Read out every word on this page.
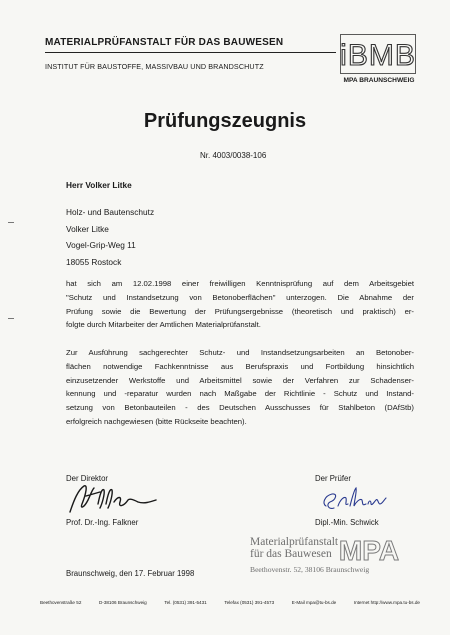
MATERIALPRÜFANSTALT FÜR DAS BAUWESEN
INSTITUT FÜR BAUSTOFFE, MASSIVBAU UND BRANDSCHUTZ	iBMB
MPA BRAUNSCHWEIG
Prüfungszeugnis
Nr. 4003/0038-106
Herr Volker Litke
Holz- und Bautenschutz
Volker Litke
Vogel-Grip-Weg 11
18055 Rostock
hat sich am 12.02.1998 einer freiwilligen Kenntnisprüfung auf dem Arbeitsgebiet
"Schutz und Instandsetzung von Betonoberflächen" unterzogen. Die Abnahme der
Prüfung sowie die Bewertung der Prüfungsergebnisse (theoretisch und praktisch) er-
folgte durch Mitarbeiter der Amtlichen Materialprüfanstalt.
Zur Ausführung sachgerechter Schutz- und Instandsetzungsarbeiten an Betonober-
flächen notwendige Fachkenntnisse aus Berufspraxis und Fortbildung hinsichtlich
einzusetzender Werkstoffe und Arbeitsmittel sowie der Verfahren zur Schadenser-
kennung und -reparatur wurden nach Maßgabe der Richtlinie - Schutz und Instand-
setzung von Betonbauteilen - des Deutschen Ausschusses für Stahlbeton (DAfStb)
erfolgreich nachgewiesen (bitte Rückseite beachten).
Der Direktor	Der Prüfer
Prof. Dr.-Ing. Falkner	Dipl.-Min. Schwick
Materialprüfanstalt
für das Bauwesen MPA
Beethovenstr. 52, 38106 Braunschweig
Braunschweig, den 17. Februar 1998
Beethovenstraße 52	D-38106 Braunschweig	Tel. (0531) 391-5431	Telefax (0531) 391-4573	E-Mail mpa@tu-bs.de	Internet http://www.mpa.tu-bs.de
